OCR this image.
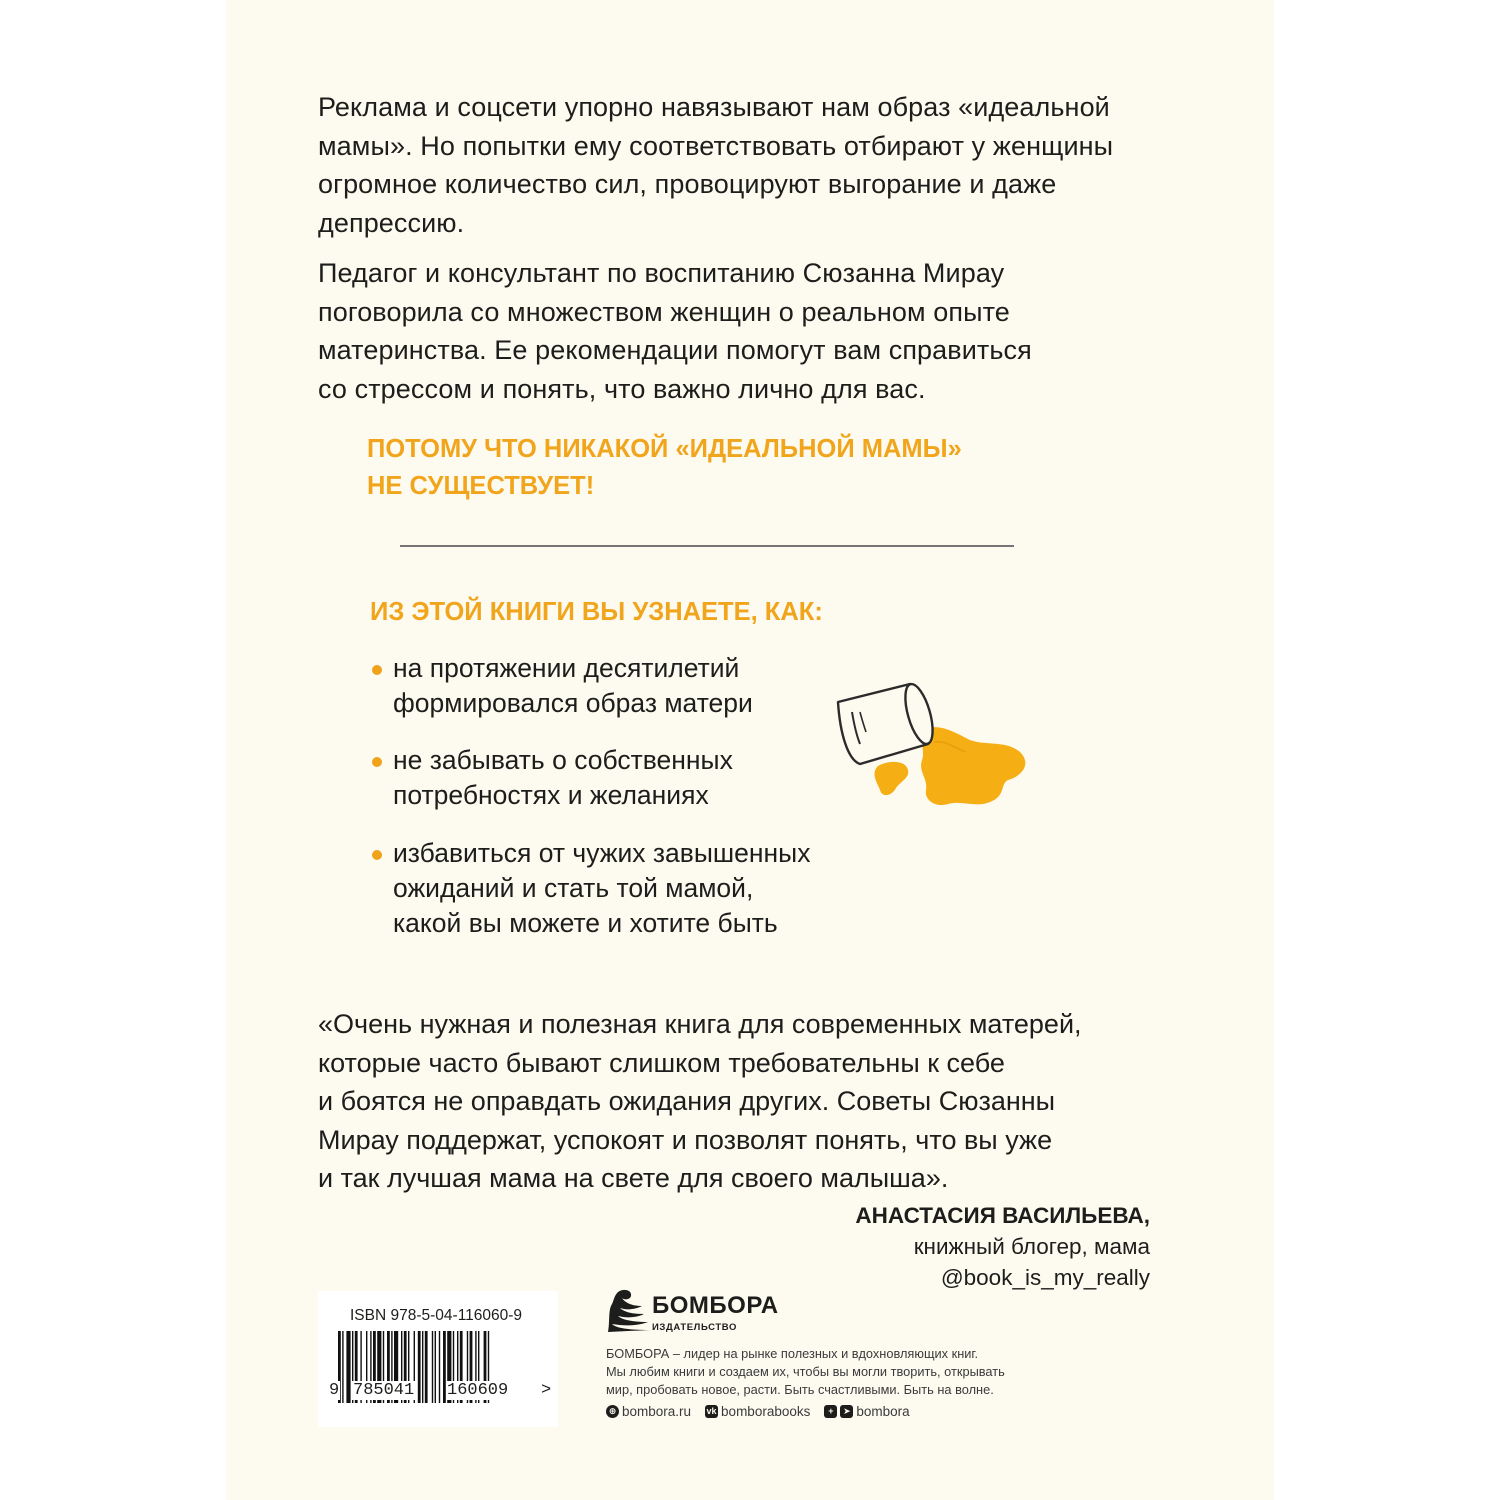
Реклама и соцсети упорно навязывают нам образ «идеальной
мамы». Но попытки ему соответствовать отбирают у женщины
огромное количество сил, провоцируют выгорание и даже
депрессию.
Педагог и консультант по воспитанию Сюзанна Мирау
поговорила со множеством женщин о реальном опыте
материнства. Ее рекомендации помогут вам справиться
со стрессом и понять, что важно лично для вас.
ПОТОМУ ЧТО НИКАКОЙ «ИДЕАЛЬНОЙ МАМЫ»
НЕ СУЩЕСТВУЕТ!
ИЗ ЭТОЙ КНИГИ ВЫ УЗНАЕТЕ, КАК:
на протяжении десятилетий
формировался образ матери
не забывать о собственных
потребностях и желаниях
избавиться от чужих завышенных
ожиданий и стать той мамой,
какой вы можете и хотите быть
«Очень нужная и полезная книга для современных матерей,
которые часто бывают слишком требовательны к себе
и боятся не оправдать ожидания других. Советы Сюзанны
Мирау поддержат, успокоят и позволят понять, что вы уже
и так лучшая мама на свете для своего малыша».
АНАСТАСИЯ ВАСИЛЬЕВА,
книжный блогер, мама
@book_is_my_really
ISBN 978-5-04-116060-9
9 785041 160609 >
БОМБОРА
ИЗДАТЕЛЬСТВО
БОМБОРА – лидер на рынке полезных и вдохновляющих книг.
Мы любим книги и создаем их, чтобы вы могли творить, открывать
мир, пробовать новое, расти. Быть счастливыми. Быть на волне.
⊕ bombora.ru vk bomborabooks	+	➤ bombora
